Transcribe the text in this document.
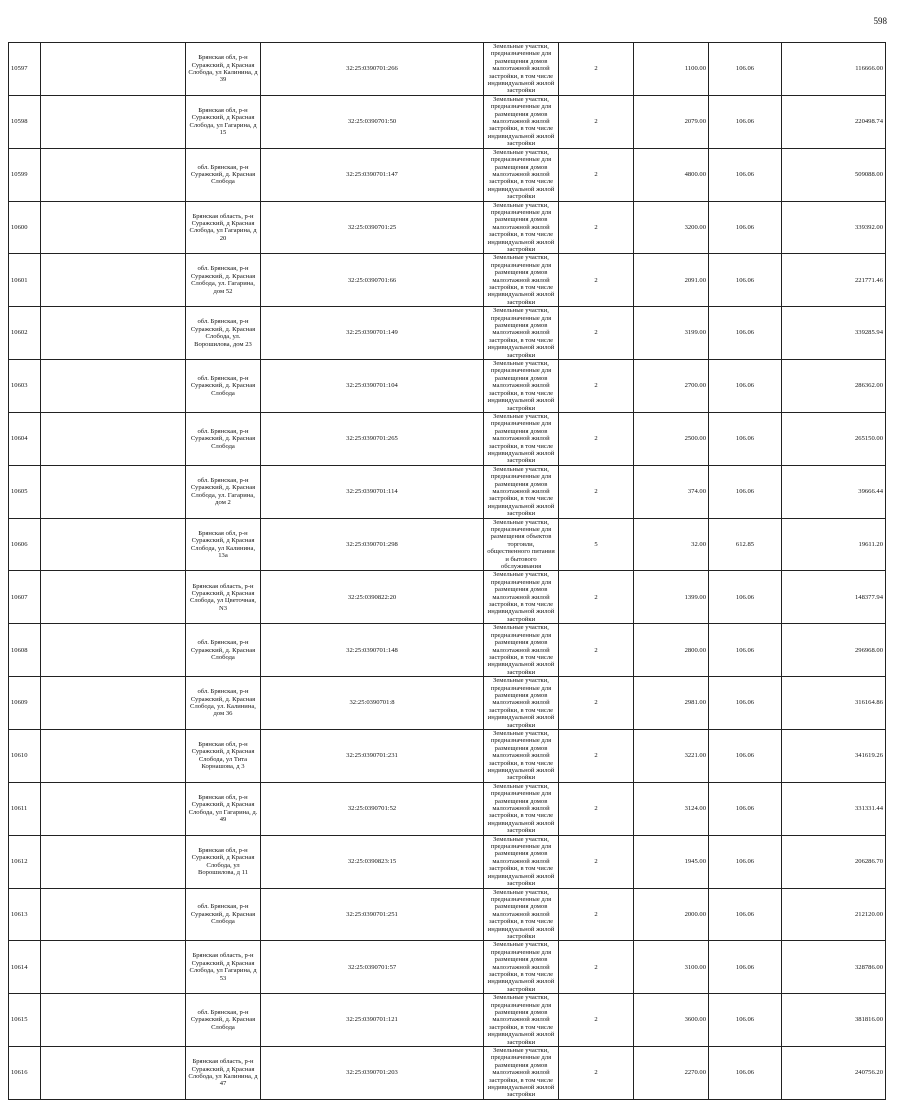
598
10597		Брянская обл, р-н Суражский, д Красная Слобода, ул Калинина, д 39	32:25:0390701:266	Земельные участки, предназначенные для размещения домов малоэтажной жилой застройки, в том числе индивидуальной жилой застройки	2	1100.00	106.06	116666.00
10598		Брянская обл, р-н Суражский, д Красная Слобода, ул Гагарина, д 15	32:25:0390701:50	Земельные участки, предназначенные для размещения домов малоэтажной жилой застройки, в том числе индивидуальной жилой застройки	2	2079.00	106.06	220498.74
10599		обл. Брянская, р-н Суражский, д. Красная Слобода	32:25:0390701:147	Земельные участки, предназначенные для размещения домов малоэтажной жилой застройки, в том числе индивидуальной жилой застройки	2	4800.00	106.06	509088.00
10600		Брянская область, р-н Суражский, д Красная Слобода, ул Гагарина, д 20	32:25:0390701:25	Земельные участки, предназначенные для размещения домов малоэтажной жилой застройки, в том числе индивидуальной жилой застройки	2	3200.00	106.06	339392.00
10601		обл. Брянская, р-н Суражский, д. Красная Слобода, ул. Гагарина, дом 52	32:25:0390701:66	Земельные участки, предназначенные для размещения домов малоэтажной жилой застройки, в том числе индивидуальной жилой застройки	2	2091.00	106.06	221771.46
10602		обл. Брянская, р-н Суражский, д. Красная Слобода, ул. Ворошилова, дом 23	32:25:0390701:149	Земельные участки, предназначенные для размещения домов малоэтажной жилой застройки, в том числе индивидуальной жилой застройки	2	3199.00	106.06	339285.94
10603		обл. Брянская, р-н Суражский, д. Красная Слобода	32:25:0390701:104	Земельные участки, предназначенные для размещения домов малоэтажной жилой застройки, в том числе индивидуальной жилой застройки	2	2700.00	106.06	286362.00
10604		обл. Брянская, р-н Суражский, д. Красная Слобода	32:25:0390701:265	Земельные участки, предназначенные для размещения домов малоэтажной жилой застройки, в том числе индивидуальной жилой застройки	2	2500.00	106.06	265150.00
10605		обл. Брянская, р-н Суражский, д. Красная Слобода, ул. Гагарина, дом 2	32:25:0390701:114	Земельные участки, предназначенные для размещения домов малоэтажной жилой застройки, в том числе индивидуальной жилой застройки	2	374.00	106.06	39666.44
10606		Брянская обл, р-н Суражский, д Красная Слобода, ул Калинина, 13а	32:25:0390701:298	Земельные участки, предназначенные для размещения объектов торговли, общественного питания и бытового обслуживания	5	32.00	612.85	19611.20
10607		Брянская область, р-н Суражский, д Красная Слобода, ул Цветочная, N3	32:25:0390822:20	Земельные участки, предназначенные для размещения домов малоэтажной жилой застройки, в том числе индивидуальной жилой застройки	2	1399.00	106.06	148377.94
10608		обл. Брянская, р-н Суражский, д. Красная Слобода	32:25:0390701:148	Земельные участки, предназначенные для размещения домов малоэтажной жилой застройки, в том числе индивидуальной жилой застройки	2	2800.00	106.06	296968.00
10609		обл. Брянская, р-н Суражский, д. Красная Слобода, ул. Калинина, дом 36	32:25:0390701:8	Земельные участки, предназначенные для размещения домов малоэтажной жилой застройки, в том числе индивидуальной жилой застройки	2	2981.00	106.06	316164.86
10610		Брянская обл, р-н Суражский, д Красная Слобода, ул Тита Корнашова, д 3	32:25:0390701:231	Земельные участки, предназначенные для размещения домов малоэтажной жилой застройки, в том числе индивидуальной жилой застройки	2	3221.00	106.06	341619.26
10611		Брянская обл, р-н Суражский, д Красная Слобода, ул Гагарина, д. 49	32:25:0390701:52	Земельные участки, предназначенные для размещения домов малоэтажной жилой застройки, в том числе индивидуальной жилой застройки	2	3124.00	106.06	331331.44
10612		Брянская обл, р-н Суражский, д Красная Слобода, ул Ворошилова, д 11	32:25:0390823:15	Земельные участки, предназначенные для размещения домов малоэтажной жилой застройки, в том числе индивидуальной жилой застройки	2	1945.00	106.06	206286.70
10613		обл. Брянская, р-н Суражский, д. Красная Слобода	32:25:0390701:251	Земельные участки, предназначенные для размещения домов малоэтажной жилой застройки, в том числе индивидуальной жилой застройки	2	2000.00	106.06	212120.00
10614		Брянская область, р-н Суражский, д Красная Слобода, ул Гагарина, д 53	32:25:0390701:57	Земельные участки, предназначенные для размещения домов малоэтажной жилой застройки, в том числе индивидуальной жилой застройки	2	3100.00	106.06	328786.00
10615		обл. Брянская, р-н Суражский, д. Красная Слобода	32:25:0390701:121	Земельные участки, предназначенные для размещения домов малоэтажной жилой застройки, в том числе индивидуальной жилой застройки	2	3600.00	106.06	381816.00
10616		Брянская область, р-н Суражский, д Красная Слобода, ул Калинина, д 47	32:25:0390701:203	Земельные участки, предназначенные для размещения домов малоэтажной жилой застройки, в том числе индивидуальной жилой застройки	2	2270.00	106.06	240756.20
